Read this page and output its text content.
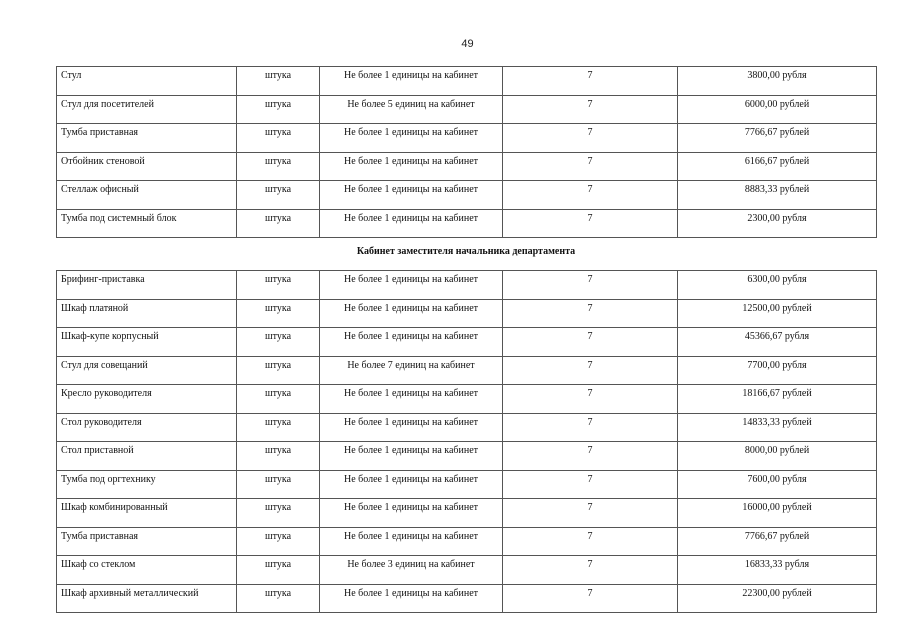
49
Стул	штука	Не более 1 единицы на кабинет	7	3800,00 рубля
Стул для посетителей	штука	Не более 5 единиц на кабинет	7	6000,00 рублей
Тумба приставная	штука	Не более 1 единицы на кабинет	7	7766,67 рублей
Отбойник стеновой	штука	Не более 1 единицы на кабинет	7	6166,67 рублей
Стеллаж офисный	штука	Не более 1 единицы на кабинет	7	8883,33 рублей
Тумба под системный блок	штука	Не более 1 единицы на кабинет	7	2300,00 рубля
Кабинет заместителя начальника департамента
Брифинг-приставка	штука	Не более 1 единицы на кабинет	7	6300,00 рубля
Шкаф платяной	штука	Не более 1 единицы на кабинет	7	12500,00 рублей
Шкаф-купе корпусный	штука	Не более 1 единицы на кабинет	7	45366,67 рубля
Стул для совещаний	штука	Не более 7 единиц на кабинет	7	7700,00 рубля
Кресло руководителя	штука	Не более 1 единицы на кабинет	7	18166,67 рублей
Стол руководителя	штука	Не более 1 единицы на кабинет	7	14833,33 рублей
Стол приставной	штука	Не более 1 единицы на кабинет	7	8000,00 рублей
Тумба под оргтехнику	штука	Не более 1 единицы на кабинет	7	7600,00 рубля
Шкаф комбинированный	штука	Не более 1 единицы на кабинет	7	16000,00 рублей
Тумба приставная	штука	Не более 1 единицы на кабинет	7	7766,67 рублей
Шкаф со стеклом	штука	Не более 3 единиц на кабинет	7	16833,33 рубля
Шкаф архивный металлический	штука	Не более 1 единицы на кабинет	7	22300,00 рублей
